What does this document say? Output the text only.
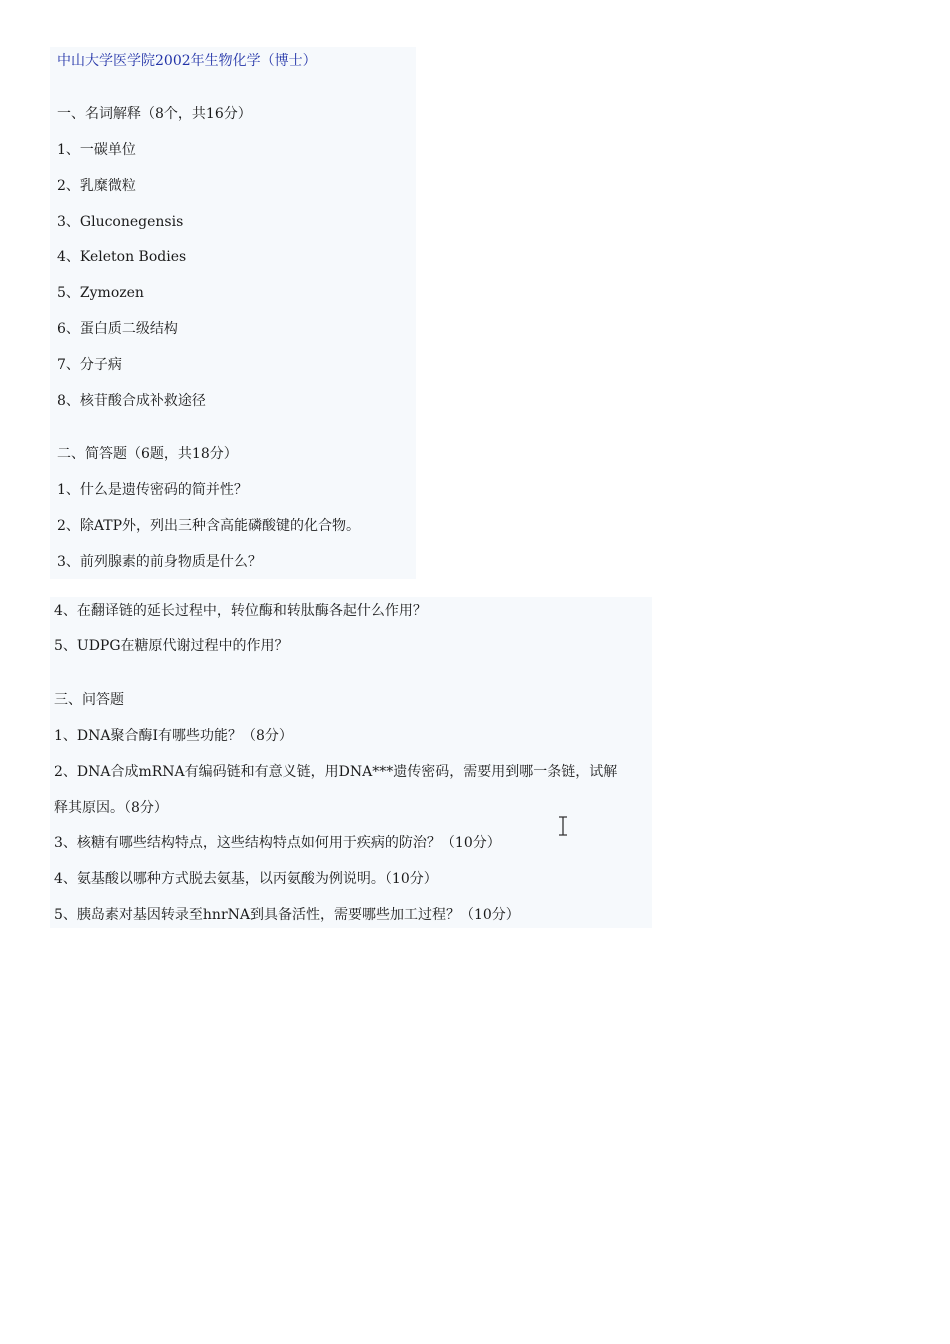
中山大学医学院2002年生物化学（博士）
一、名词解释（8个，共16分）
1、一碳单位
2、乳糜微粒
3、Gluconegensis
4、Keleton Bodies
5、Zymozen
6、蛋白质二级结构
7、分子病
8、核苷酸合成补救途径
二、简答题（6题，共18分）
1、什么是遗传密码的简并性？
2、除ATP外，列出三种含高能磷酸键的化合物。
3、前列腺素的前身物质是什么？
4、在翻译链的延长过程中，转位酶和转肽酶各起什么作用？
5、UDPG在糖原代谢过程中的作用？
三、问答题
1、DNA聚合酶I有哪些功能？（8分）
2、DNA合成mRNA有编码链和有意义链，用DNA***遗传密码，需要用到哪一条链，试解
释其原因。（8分）
3、核糖有哪些结构特点，这些结构特点如何用于疾病的防治？（10分）
4、氨基酸以哪种方式脱去氨基，以丙氨酸为例说明。（10分）
5、胰岛素对基因转录至hnrNA到具备活性，需要哪些加工过程？（10分）
